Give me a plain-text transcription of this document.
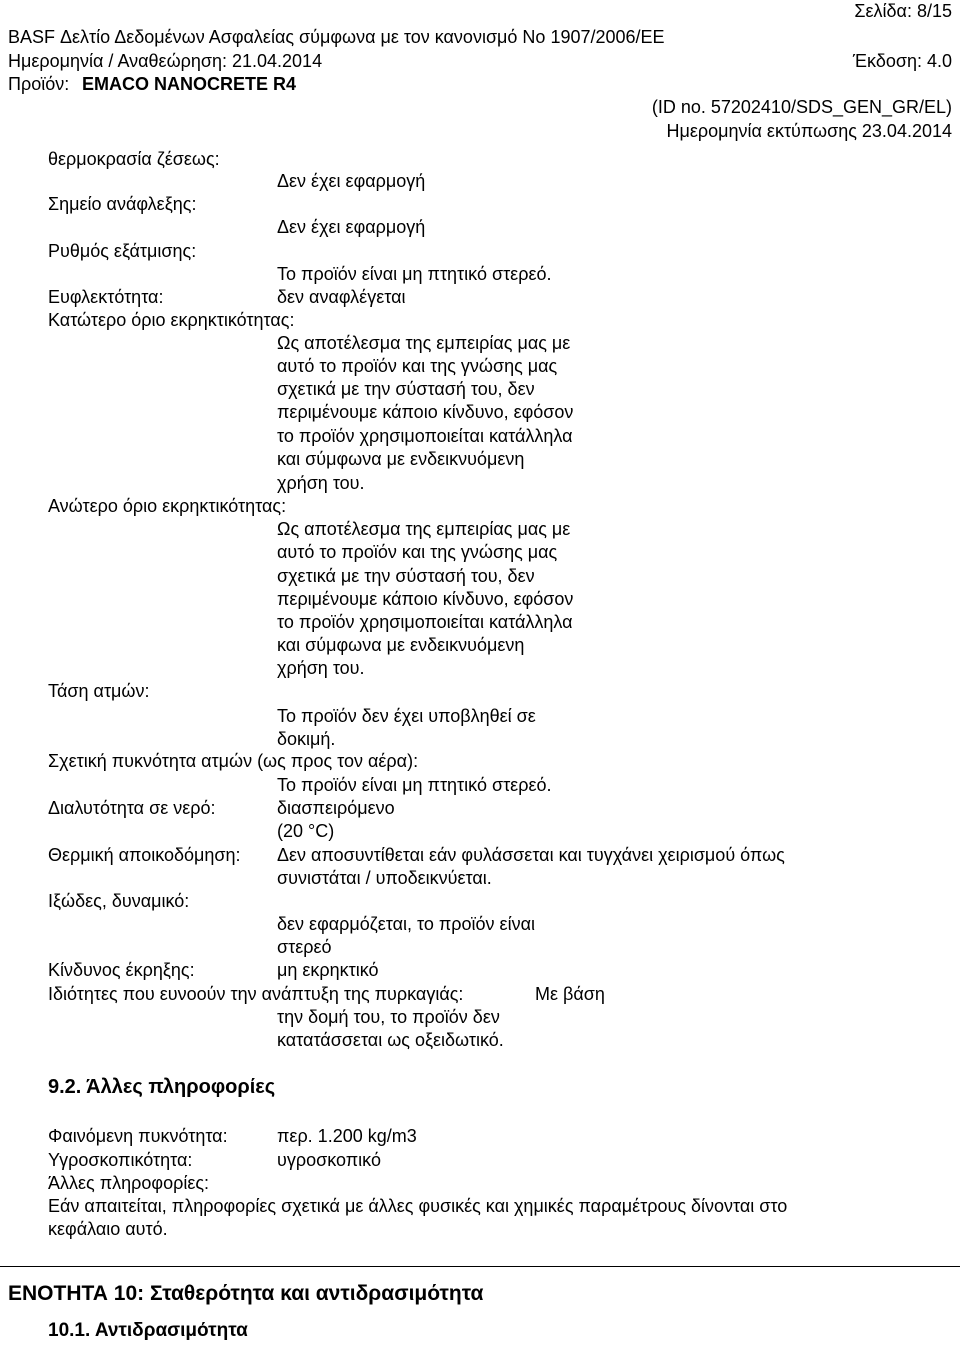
Σελίδα: 8/15
BASF Δελτίο Δεδομένων Ασφαλείας σύμφωνα με τον κανονισμό Νο 1907/2006/ΕΕ
Ημερομηνία / Αναθεώρηση: 21.04.2014	Έκδοση: 4.0
Προϊόν: EMACO NANOCRETE R4
(ID no. 57202410/SDS_GEN_GR/EL)
Ημερομηνία εκτύπωσης 23.04.2014
θερμοκρασία ζέσεως:
Δεν έχει εφαρμογή
Σημείο ανάφλεξης:
Δεν έχει εφαρμογή
Ρυθμός εξάτμισης:
Το προϊόν είναι μη πτητικό στερεό.
Ευφλεκτότητα:	δεν αναφλέγεται
Κατώτερο όριο εκρηκτικότητας:
Ως αποτέλεσμα της εμπειρίας μας με
αυτό το προϊόν και της γνώσης μας
σχετικά με την σύστασή του, δεν
περιμένουμε κάποιο κίνδυνο, εφόσον
το προϊόν χρησιμοποιείται κατάλληλα
και σύμφωνα με ενδεικνυόμενη
χρήση του.
Ανώτερο όριο εκρηκτικότητας:
Ως αποτέλεσμα της εμπειρίας μας με
αυτό το προϊόν και της γνώσης μας
σχετικά με την σύστασή του, δεν
περιμένουμε κάποιο κίνδυνο, εφόσον
το προϊόν χρησιμοποιείται κατάλληλα
και σύμφωνα με ενδεικνυόμενη
χρήση του.
Τάση ατμών:
Το προϊόν δεν έχει υποβληθεί σε
δοκιμή.
Σχετική πυκνότητα ατμών (ως προς τον αέρα):
Το προϊόν είναι μη πτητικό στερεό.
Διαλυτότητα σε νερό:	διασπειρόμενο
(20 °C)
Θερμική αποικοδόμηση: Δεν αποσυντίθεται εάν φυλάσσεται και τυγχάνει χειρισμού όπως
συνιστάται / υποδεικνύεται.
Ιξώδες, δυναμικό:
δεν εφαρμόζεται, το προϊόν είναι
στερεό
Κίνδυνος έκρηξης:	μη εκρηκτικό
Ιδιότητες που ευνοούν την ανάπτυξη της πυρκαγιάς:	Με βάση
την δομή του, το προϊόν δεν
κατατάσσεται ως οξειδωτικό.
9.2. Άλλες πληροφορίες
Φαινόμενη πυκνότητα:	περ. 1.200 kg/m3
Υγροσκοπικότητα:	υγροσκοπικό
Άλλες πληροφορίες:
Εάν απαιτείται, πληροφορίες σχετικά με άλλες φυσικές και χημικές παραμέτρους δίνονται στο
κεφάλαιο αυτό.
ΕΝΟΤΗΤΑ 10: Σταθερότητα και αντιδρασιμότητα
10.1. Αντιδρασιμότητα
